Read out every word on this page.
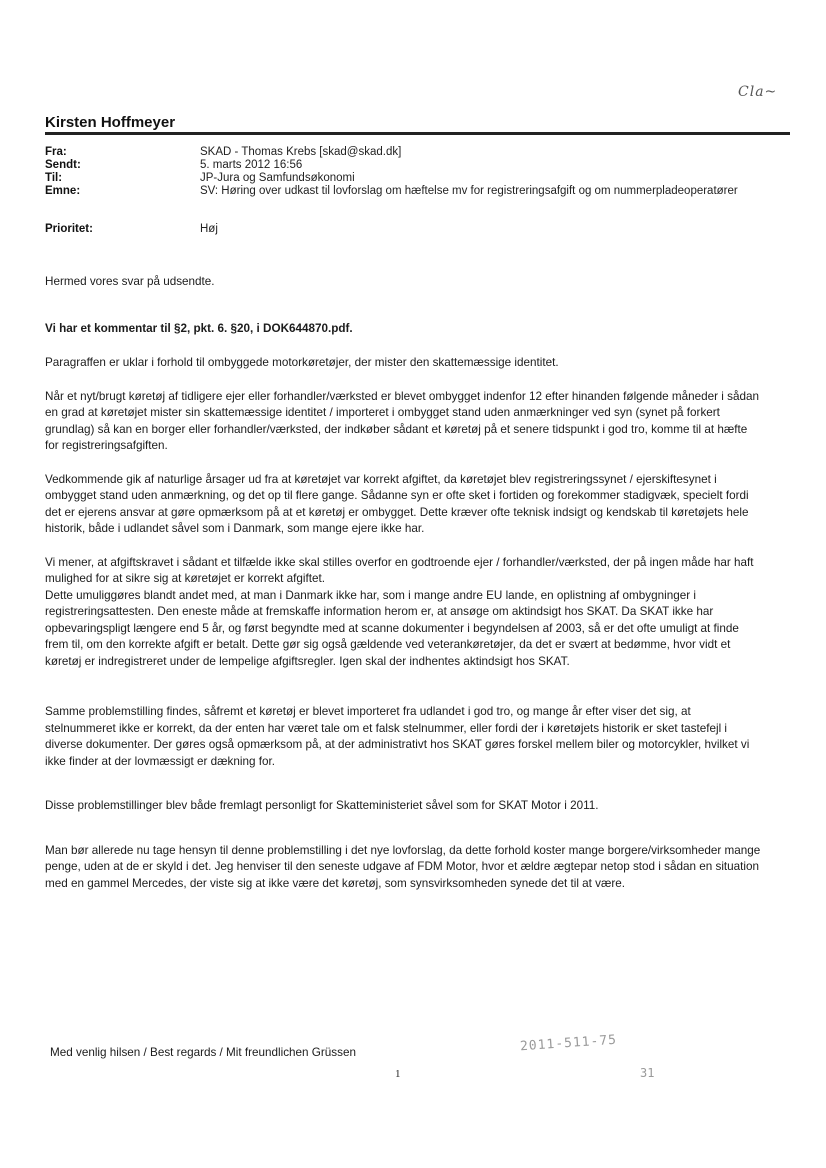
Cla~
Kirsten Hoffmeyer
Fra:	SKAD - Thomas Krebs [skad@skad.dk]
Sendt:	5. marts 2012 16:56
Til:	JP-Jura og Samfundsøkonomi
Emne:	SV: Høring over udkast til lovforslag om hæftelse mv for registreringsafgift og om nummerpladeoperatører
Prioritet:	Høj

Hermed vores svar på udsendte.

Vi har et kommentar til §2, pkt. 6. §20, i DOK644870.pdf.

Paragraffen er uklar i forhold til ombyggede motorkøretøjer, der mister den skattemæssige identitet.

Når et nyt/brugt køretøj af tidligere ejer eller forhandler/værksted er blevet ombygget indenfor 12 efter hinanden følgende måneder i sådan en grad at køretøjet mister sin skattemæssige identitet / importeret i ombygget stand uden anmærkninger ved syn (synet på forkert grundlag) så kan en borger eller forhandler/værksted, der indkøber sådant et køretøj på et senere tidspunkt i god tro, komme til at hæfte for registreringsafgiften.

Vedkommende gik af naturlige årsager ud fra at køretøjet var korrekt afgiftet, da køretøjet blev registreringssynet / ejerskiftesynet i ombygget stand uden anmærkning, og det op til flere gange. Sådanne syn er ofte sket i fortiden og forekommer stadigvæk, specielt fordi det er ejerens ansvar at gøre opmærksom på at et køretøj er ombygget. Dette kræver ofte teknisk indsigt og kendskab til køretøjets hele historik, både i udlandet såvel som i Danmark, som mange ejere ikke har.

Vi mener, at afgiftskravet i sådant et tilfælde ikke skal stilles overfor en godtroende ejer / forhandler/værksted, der på ingen måde har haft mulighed for at sikre sig at køretøjet er korrekt afgiftet.

Dette umuliggøres blandt andet med, at man i Danmark ikke har, som i mange andre EU lande, en oplistning af ombygninger i registreringsattesten. Den eneste måde at fremskaffe information herom er, at ansøge om aktindsigt hos SKAT. Da SKAT ikke har opbevaringspligt længere end 5 år, og først begyndte med at scanne dokumenter i begyndelsen af 2003, så er det ofte umuligt at finde frem til, om den korrekte afgift er betalt. Dette gør sig også gældende ved veterankøretøjer, da det er svært at bedømme, hvor vidt et køretøj er indregistreret under de lempelige afgiftsregler. Igen skal der indhentes aktindsigt hos SKAT.

Samme problemstilling findes, såfremt et køretøj er blevet importeret fra udlandet i god tro, og mange år efter viser det sig, at stelnummeret ikke er korrekt, da der enten har været tale om et falsk stelnummer, eller fordi der i køretøjets historik er sket tastefejl i diverse dokumenter. Der gøres også opmærksom på, at der administrativt hos SKAT gøres forskel mellem biler og motorcykler, hvilket vi ikke finder at der lovmæssigt er dækning for.

Disse problemstillinger blev både fremlagt personligt for Skatteministeriet såvel som for SKAT Motor i 2011.

Man bør allerede nu tage hensyn til denne problemstilling i det nye lovforslag, da dette forhold koster mange borgere/virksomheder mange penge, uden at de er skyld i det. Jeg henviser til den seneste udgave af FDM Motor, hvor et ældre ægtepar netop stod i sådan en situation med en gammel Mercedes, der viste sig at ikke være det køretøj, som synsvirksomheden synede det til at være.

Med venlig hilsen / Best regards / Mit freundlichen Grüssen
1
2011-511-75
31
